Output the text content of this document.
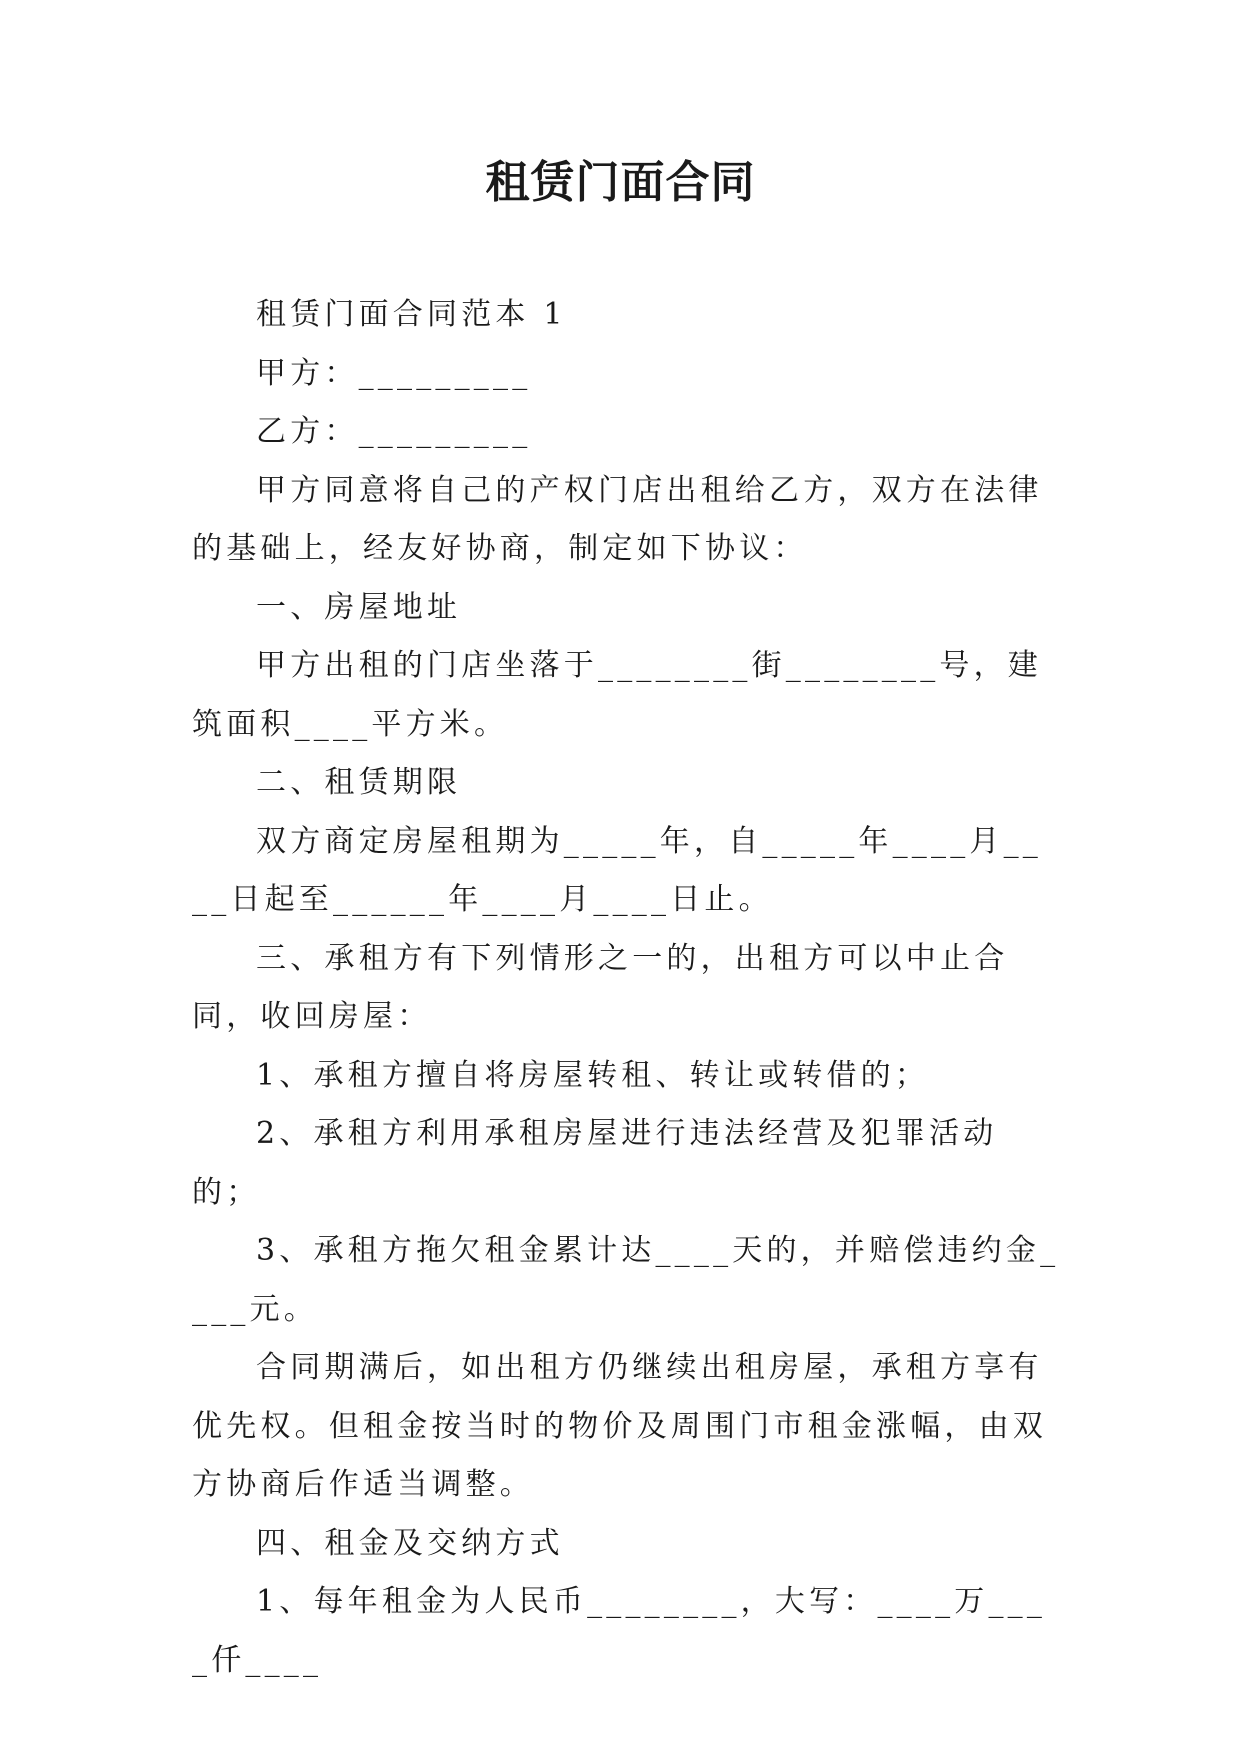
租赁门面合同

租赁门面合同范本 1

甲方：_________

乙方：_________

甲方同意将自己的产权门店出租给乙方，双方在法律的基础上，经友好协商，制定如下协议：

一、房屋地址

甲方出租的门店坐落于________街________号，建筑面积____平方米。

二、租赁期限

双方商定房屋租期为_____年，自_____年____月____日起至______年____月____日止。

三、承租方有下列情形之一的，出租方可以中止合同，收回房屋：

1、承租方擅自将房屋转租、转让或转借的；

2、承租方利用承租房屋进行违法经营及犯罪活动的；

3、承租方拖欠租金累计达____天的，并赔偿违约金____元。

合同期满后，如出租方仍继续出租房屋，承租方享有优先权。但租金按当时的物价及周围门市租金涨幅，由双方协商后作适当调整。

四、租金及交纳方式

1、每年租金为人民币________，大写：____万____仟____
